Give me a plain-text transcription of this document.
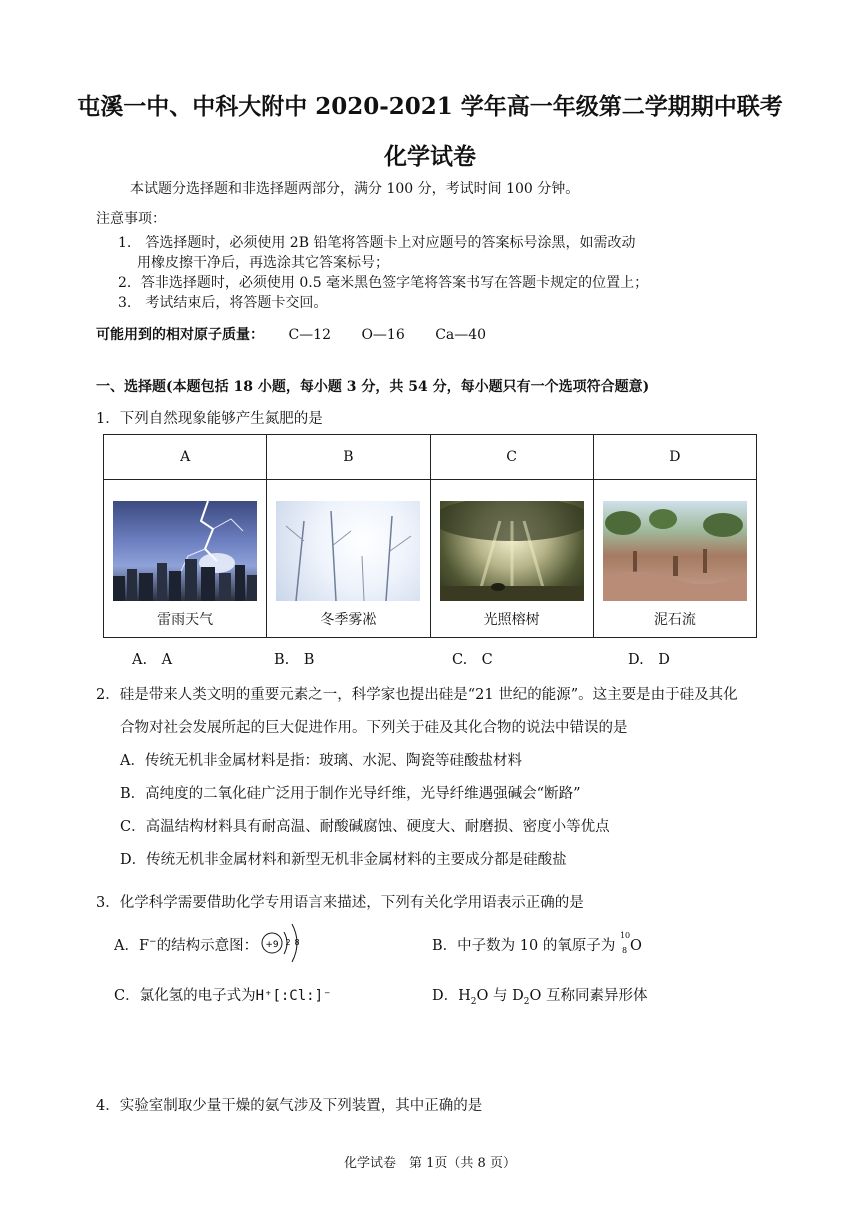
屯溪一中、中科大附中 2020-2021 学年高一年级第二学期期中联考
化学试卷
本试题分选择题和非选择题两部分，满分 100 分，考试时间 100 分钟。
注意事项：
1.　答选择题时，必须使用 2B 铅笔将答题卡上对应题号的答案标号涂黑，如需改动
用橡皮擦干净后，再选涂其它答案标号；
2．答非选择题时，必须使用 0.5 毫米黑色签字笔将答案书写在答题卡规定的位置上；
3.　考试结束后，将答题卡交回。
可能用到的相对原子质量： C—12 O—16 Ca—40
一、选择题(本题包括 18 小题，每小题 3 分，共 54 分，每小题只有一个选项符合题意)
1．下列自然现象能够产生氮肥的是
A	B	C	D

雷雨天气	冬季雾凇	光照榕树	泥石流
A.　A	B.　B	C.　C	D.　D
2．硅是带来人类文明的重要元素之一，科学家也提出硅是“21 世纪的能源”。这主要是由于硅及其化
合物对社会发展所起的巨大促进作用。下列关于硅及其化合物的说法中错误的是
A．传统无机非金属材料是指：玻璃、水泥、陶瓷等硅酸盐材料
B．高纯度的二氧化硅广泛用于制作光导纤维，光导纤维遇强碱会“断路”
C．高温结构材料具有耐高温、耐酸碱腐蚀、硬度大、耐磨损、密度小等优点
D．传统无机非金属材料和新型无机非金属材料的主要成分都是硅酸盐
3．化学科学需要借助化学专用语言来描述，下列有关化学用语表示正确的是
A．F−的结构示意图： +9 2 8	B．中子数为 10 的氧原子为
10
8 O
C．氯化氢的电子式为H⁺[:Cl:]⁻	D．$H_2O$ 与 $D_2O$ 互称同素异形体
4．实验室制取少量干燥的氨气涉及下列装置，其中正确的是
化学试卷　第 1页（共 8 页）
